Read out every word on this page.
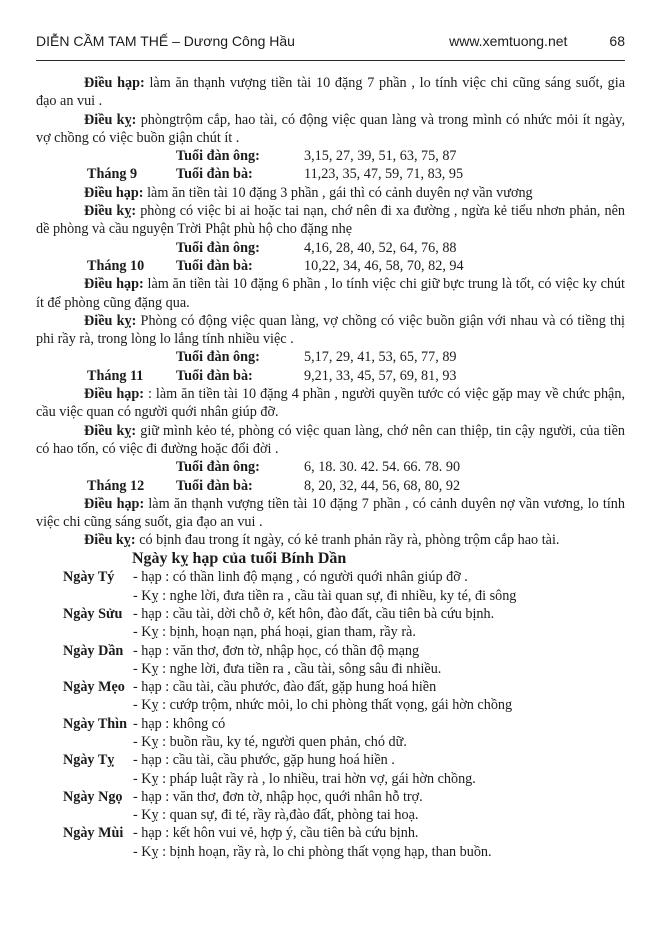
DIỄN CẦM TAM THẾ – Dương Công Hầu	www.xemtuong.net	68

Điều hạp: làm ăn thạnh vượng tiền tài 10 đặng 7 phần , lo tính việc chi cũng sáng suốt, gia đạo an vui .

Điều kỵ: phòngtrộm cắp, hao tài, có động việc quan làng và trong mình có nhức mỏi ít ngày, vợ chồng có việc buồn giận chút ít .

Tuổi đàn ông:	3,15, 27, 39, 51, 63, 75, 87
Tháng 9	Tuổi đàn bà:	11,23, 35, 47, 59, 71, 83, 95

Điều hạp: làm ăn tiền tài 10 đặng 3 phần , gái thì có cảnh duyên nợ vần vương

Điều kỵ: phòng có việc bi ai hoặc tai nạn, chớ nên đi xa đường , ngừa kẻ tiểu nhơn phản, nên dề phòng và cầu nguyện Trời Phật phù hộ cho đặng nhẹ

Tuổi đàn ông:	4,16, 28, 40, 52, 64, 76, 88
Tháng 10	Tuổi đàn bà:	10,22, 34, 46, 58, 70, 82, 94

Điều hạp: làm ăn tiền tài 10 đặng 6 phần , lo tính việc chi giữ bực trung là tốt, có việc ky chút ít để phòng cũng đặng qua.

Điều kỵ: Phòng có động việc quan làng, vợ chồng có việc buồn giận với nhau và có tiềng thị phi rầy rà, trong lòng lo lắng tính nhiều việc .

Tuổi đàn ông:	5,17, 29, 41, 53, 65, 77, 89
Tháng 11	Tuổi đàn bà:	9,21, 33, 45, 57, 69, 81, 93

Điều hạp: : làm ăn tiền tài 10 đặng 4 phần , người quyền tước có việc gặp may về chức phận, cầu việc quan có người quới nhân giúp đỡ.

Điều kỵ: giữ mình kẻo té, phòng có việc quan làng, chớ nên can thiệp, tin cậy người, của tiền có hao tốn, có việc đi đường hoặc đổi đời .

Tuổi đàn ông:	6, 18. 30. 42. 54. 66. 78. 90
Tháng 12	Tuổi đàn bà:	8, 20, 32, 44, 56, 68, 80, 92

Điều hạp: làm ăn thạnh vượng tiền tài 10 đặng 7 phần , có cảnh duyên nợ vần vương, lo tính việc chi cũng sáng suốt, gia đạo an vui .

Điều kỵ: có bịnh đau trong ít ngày, có kẻ tranh phản rầy rà, phòng trộm cắp hao tài.

Ngày kỵ hạp của tuổi Bính Dần
Ngày Tý	- hạp : có thần linh độ mạng , có người quới nhân giúp đỡ .
- Kỵ : nghe lời, đưa tiền ra , cầu tài quan sự, đi nhiều, ky té, đi sông
Ngày Sửu - hạp : cầu tài, dời chỗ ở, kết hôn, đào đất, cầu tiên bà cứu bịnh.
- Kỵ : bịnh, hoạn nạn, phá hoại, gian tham, rầy rà.
Ngày Dần - hạp : văn thơ, đơn tờ, nhập học, có thần độ mạng
- Kỵ : nghe lời, đưa tiền ra , cầu tài, sông sâu đi nhiều.
Ngày Mẹo - hạp : cầu tài, cầu phước, đào đất, gặp hung hoá hiền
- Kỵ : cướp trộm, nhức mỏi, lo chi phòng thất vọng, gái hờn chồng
Ngày Thìn - hạp : không có
- Kỵ : buồn rầu, ky té, người quen phản, chó dữ.
Ngày Tỵ	- hạp : cầu tài, cầu phước, gặp hung hoá hiền .
- Kỵ : pháp luật rầy rà , lo nhiều, trai hờn vợ, gái hờn chồng.
Ngày Ngọ - hạp : văn thơ, đơn tờ, nhập học, quới nhân hỗ trợ.
- Kỵ : quan sự, đi té, rầy rà,đào đất, phòng tai hoạ.
Ngày Mùi - hạp : kết hôn vui vẻ, hợp ý, cầu tiên bà cứu bịnh.
- Kỵ : bịnh hoạn, rầy rà, lo chi phòng thất vọng hạp, than buồn.
